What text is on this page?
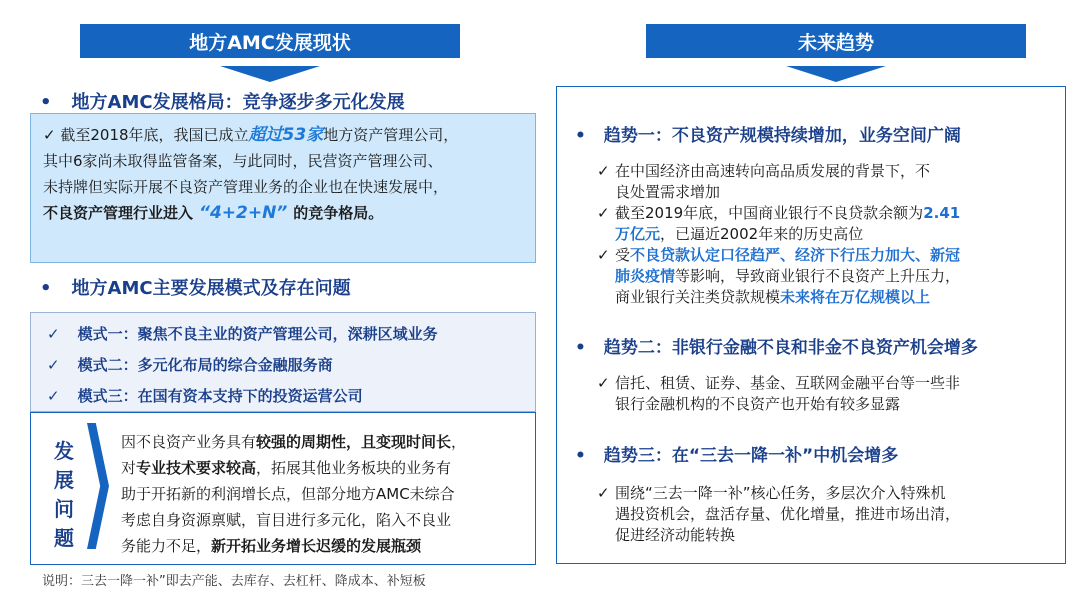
地方AMC发展现状	未来趋势
• 地方AMC发展格局：竞争逐步多元化发展
✓ 截至2018年底，我国已成立超过53家地方资产管理公司，
其中6家尚未取得监管备案，与此同时，民营资产管理公司、
未持牌但实际开展不良资产管理业务的企业也在快速发展中，
不良资产管理行业进入 “4+2+N” 的竞争格局。
• 地方AMC主要发展模式及存在问题
✓ 模式一：聚焦不良主业的资产管理公司，深耕区域业务
✓ 模式二：多元化布局的综合金融服务商
✓ 模式三：在国有资本支持下的投资运营公司
发
展
问
题
因不良资产业务具有较强的周期性，且变现时间长，
对专业技术要求较高，拓展其他业务板块的业务有
助于开拓新的利润增长点，但部分地方AMC未综合
考虑自身资源禀赋，盲目进行多元化，陷入不良业
务能力不足，新开拓业务增长迟缓的发展瓶颈
说明：三去一降一补”即去产能、去库存、去杠杆、降成本、补短板
• 趋势一：不良资产规模持续增加，业务空间广阔
✓ 在中国经济由高速转向高品质发展的背景下，不
良处置需求增加
✓ 截至2019年底，中国商业银行不良贷款余额为2.41
万亿元，已逼近2002年来的历史高位
✓ 受不良贷款认定口径趋严、经济下行压力加大、新冠
肺炎疫情等影响，导致商业银行不良资产上升压力，
商业银行关注类贷款规模未来将在万亿规模以上
• 趋势二：非银行金融不良和非金不良资产机会增多
✓ 信托、租赁、证券、基金、互联网金融平台等一些非
银行金融机构的不良资产也开始有较多显露
• 趋势三：在“三去一降一补”中机会增多
✓ 围绕“三去一降一补”核心任务，多层次介入特殊机
遇投资机会，盘活存量、优化增量，推进市场出清，
促进经济动能转换
